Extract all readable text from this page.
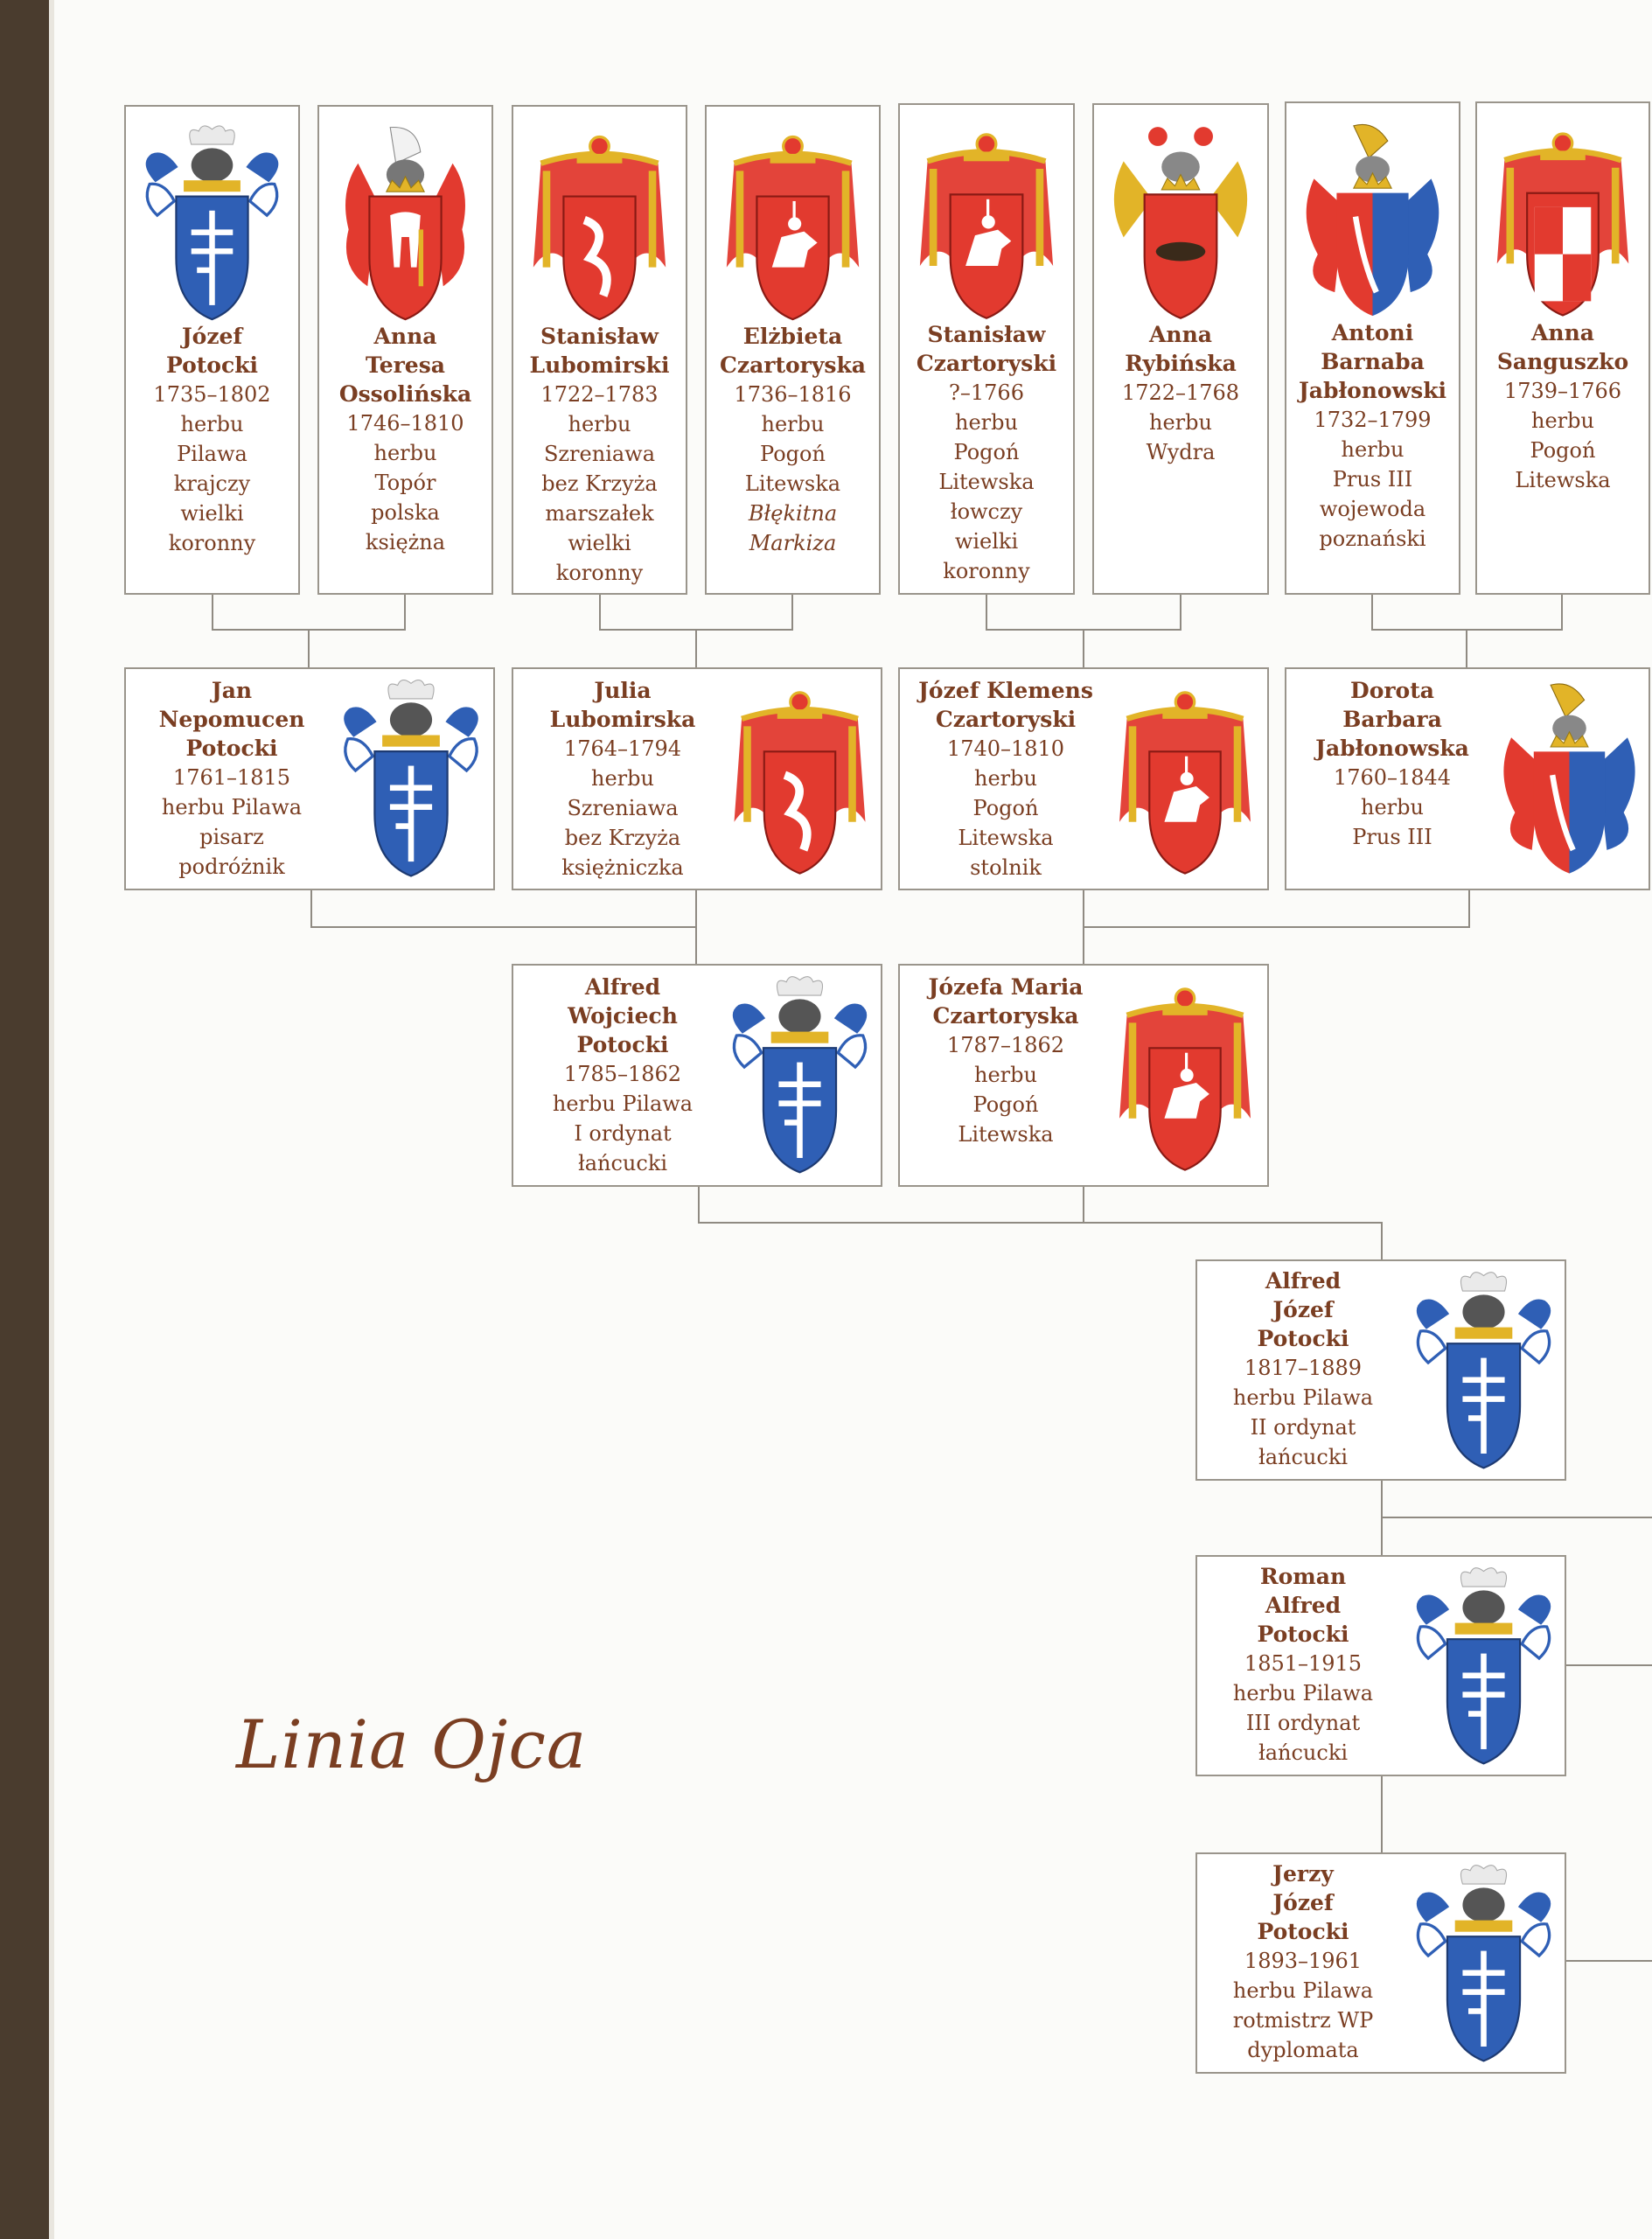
Józef
Potocki
1735–1802
herbu
Pilawa
krajczy
wielki
koronny
Anna
Teresa
Ossolińska
1746–1810
herbu
Topór
polska
księżna
Stanisław
Lubomirski
1722–1783
herbu
Szreniawa
bez Krzyża
marszałek
wielki
koronny
Elżbieta
Czartoryska
1736–1816
herbu
Pogoń
Litewska
Błękitna
Markiza
Stanisław
Czartoryski
?–1766
herbu
Pogoń
Litewska
łowczy
wielki
koronny
Anna
Rybińska
1722–1768
herbu
Wydra
Antoni
Barnaba
Jabłonowski
1732–1799
herbu
Prus III
wojewoda
poznański
Anna
Sanguszko
1739–1766
herbu
Pogoń
Litewska
Jan
Nepomucen
Potocki
1761–1815
herbu Pilawa
pisarz
podróżnik
Julia
Lubomirska
1764–1794
herbu
Szreniawa
bez Krzyża
księżniczka
Józef Klemens
Czartoryski
1740–1810
herbu
Pogoń
Litewska
stolnik
Dorota
Barbara
Jabłonowska
1760–1844
herbu
Prus III
Alfred
Wojciech
Potocki
1785–1862
herbu Pilawa
I ordynat
łańcucki
Józefa Maria
Czartoryska
1787–1862
herbu
Pogoń
Litewska
Alfred
Józef
Potocki
1817–1889
herbu Pilawa
II ordynat
łańcucki
Roman
Alfred
Potocki
1851–1915
herbu Pilawa
III ordynat
łańcucki
Jerzy
Józef
Potocki
1893–1961
herbu Pilawa
rotmistrz WP
dyplomata
Linia Ojca
